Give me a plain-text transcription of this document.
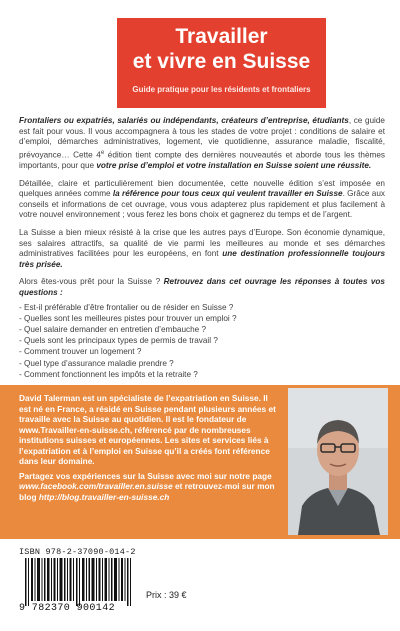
Travailler
et vivre en Suisse
Guide pratique pour les résidents et frontaliers

Frontaliers ou expatriés, salariés ou indépendants, créateurs d’entreprise, étudiants, ce guide est fait pour vous. Il vous accompagnera à tous les stades de votre projet : conditions de salaire et d’emploi, démarches administratives, logement, vie quotidienne, assurance maladie, fiscalité, prévoyance… Cette 4e édition tient compte des dernières nouveautés et aborde tous les thèmes importants, pour que votre prise d’emploi et votre installation en Suisse soient une réussite.

Détaillée, claire et particulièrement bien documentée, cette nouvelle édition s’est imposée en quelques années comme la référence pour tous ceux qui veulent travailler en Suisse. Grâce aux conseils et informations de cet ouvrage, vous vous adapterez plus rapidement et plus facilement à votre nouvel environnement ; vous ferez les bons choix et gagnerez du temps et de l’argent.

La Suisse a bien mieux résisté à la crise que les autres pays d’Europe. Son économie dynamique, ses salaires attractifs, sa qualité de vie parmi les meilleures au monde et ses démarches administratives facilitées pour les européens, en font une destination professionnelle toujours très prisée.

Alors êtes-vous prêt pour la Suisse ? Retrouvez dans cet ouvrage les réponses à toutes vos questions :

- Est-il préférable d’être frontalier ou de résider en Suisse ?
- Quelles sont les meilleures pistes pour trouver un emploi ?
- Quel salaire demander en entretien d’embauche ?
- Quels sont les principaux types de permis de travail ?
- Comment trouver un logement ?
- Quel type d’assurance maladie prendre ?
- Comment fonctionnent les impôts et la retraite ?
David Talerman est un spécialiste de l’expatriation en Suisse. Il est né en France, a résidé en Suisse pendant plusieurs années et travaille avec la Suisse au quotidien. Il est le fondateur de www.Travailler-en-suisse.ch, référencé par de nombreuses institutions suisses et européennes. Les sites et services liés à l’expatriation et à l’emploi en Suisse qu’il a créés font référence dans leur domaine.
Partagez vos expériences sur la Suisse avec moi sur notre page www.facebook.com/travailler.en.suisse et retrouvez-moi sur mon blog http://blog.travailler-en-suisse.ch
ISBN 978-2-37090-014-2
9 782370 900142
Prix : 39 €
